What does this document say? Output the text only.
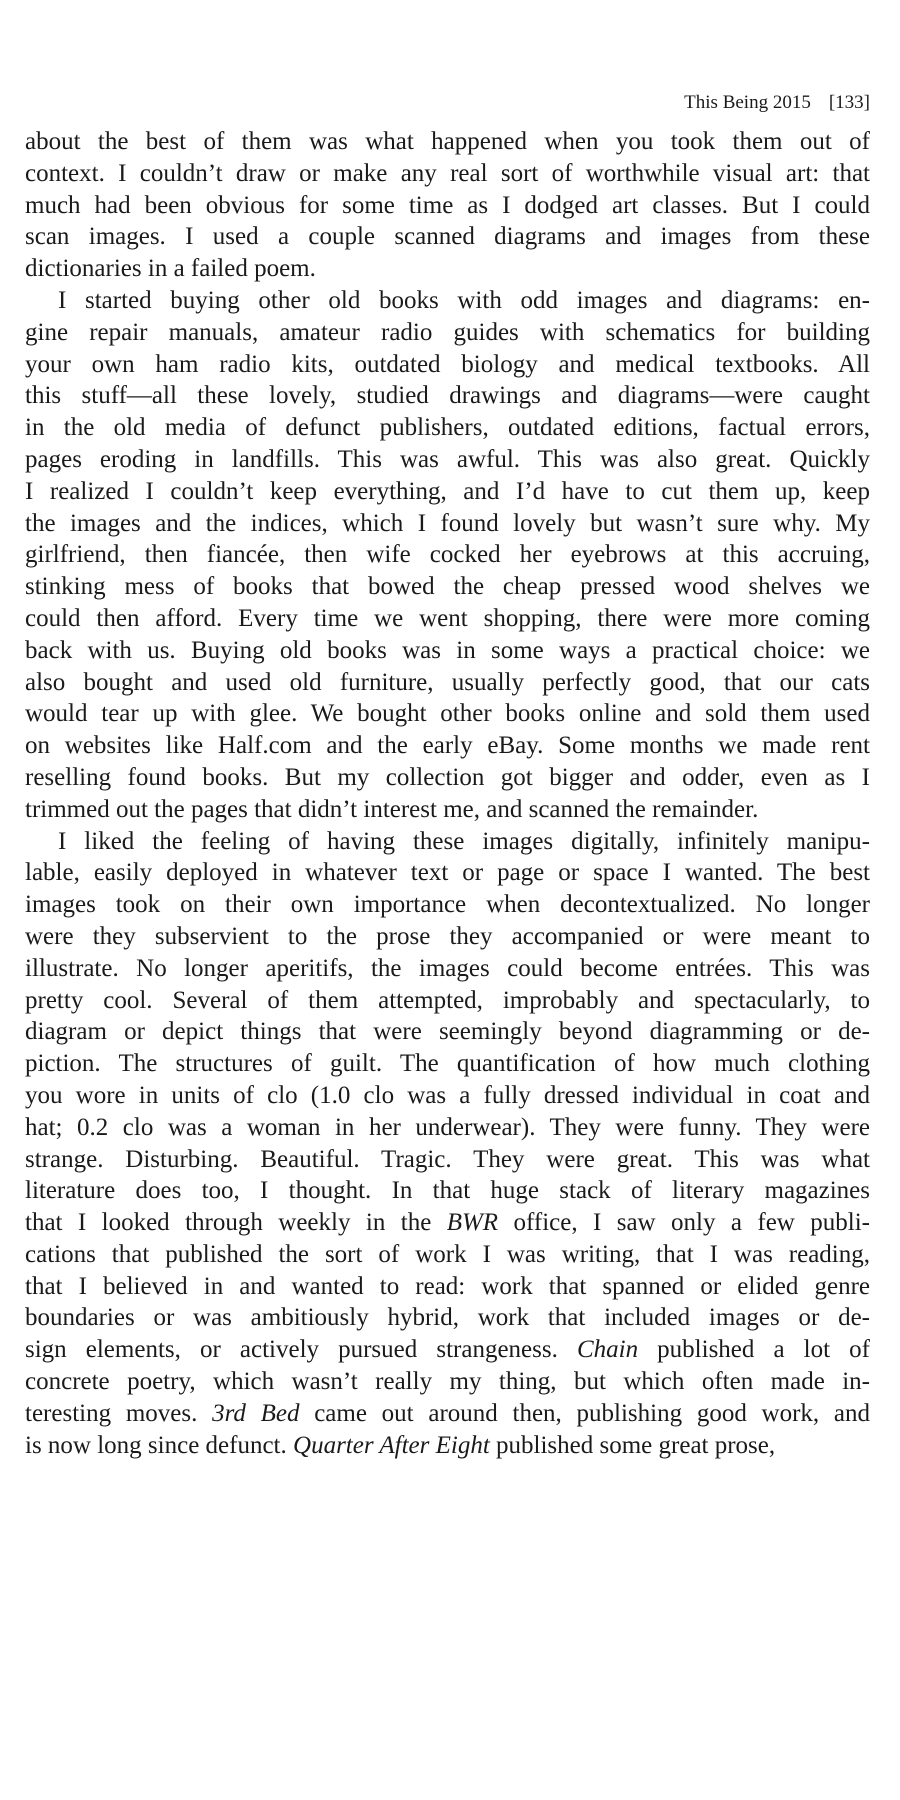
This Being 2015 [133]
about the best of them was what happened when you took them out of
context. I couldn’t draw or make any real sort of worthwhile visual art: that
much had been obvious for some time as I dodged art classes. But I could
scan images. I used a couple scanned diagrams and images from these
dictionaries in a failed poem.
I started buying other old books with odd images and diagrams: en-
gine repair manuals, amateur radio guides with schematics for building
your own ham radio kits, outdated biology and medical textbooks. All
this stuff—all these lovely, studied drawings and diagrams—were caught
in the old media of defunct publishers, outdated editions, factual errors,
pages eroding in landfills. This was awful. This was also great. Quickly
I realized I couldn’t keep everything, and I’d have to cut them up, keep
the images and the indices, which I found lovely but wasn’t sure why. My
girlfriend, then fiancée, then wife cocked her eyebrows at this accruing,
stinking mess of books that bowed the cheap pressed wood shelves we
could then afford. Every time we went shopping, there were more coming
back with us. Buying old books was in some ways a practical choice: we
also bought and used old furniture, usually perfectly good, that our cats
would tear up with glee. We bought other books online and sold them used
on websites like Half.com and the early eBay. Some months we made rent
reselling found books. But my collection got bigger and odder, even as I
trimmed out the pages that didn’t interest me, and scanned the remainder.
I liked the feeling of having these images digitally, infinitely manipu-
lable, easily deployed in whatever text or page or space I wanted. The best
images took on their own importance when decontextualized. No longer
were they subservient to the prose they accompanied or were meant to
illustrate. No longer aperitifs, the images could become entrées. This was
pretty cool. Several of them attempted, improbably and spectacularly, to
diagram or depict things that were seemingly beyond diagramming or de-
piction. The structures of guilt. The quantification of how much clothing
you wore in units of clo (1.0 clo was a fully dressed individual in coat and
hat; 0.2 clo was a woman in her underwear). They were funny. They were
strange. Disturbing. Beautiful. Tragic. They were great. This was what
literature does too, I thought. In that huge stack of literary magazines
that I looked through weekly in the BWR office, I saw only a few publi-
cations that published the sort of work I was writing, that I was reading,
that I believed in and wanted to read: work that spanned or elided genre
boundaries or was ambitiously hybrid, work that included images or de-
sign elements, or actively pursued strangeness. Chain published a lot of
concrete poetry, which wasn’t really my thing, but which often made in-
teresting moves. 3rd Bed came out around then, publishing good work, and
is now long since defunct. Quarter After Eight published some great prose,
